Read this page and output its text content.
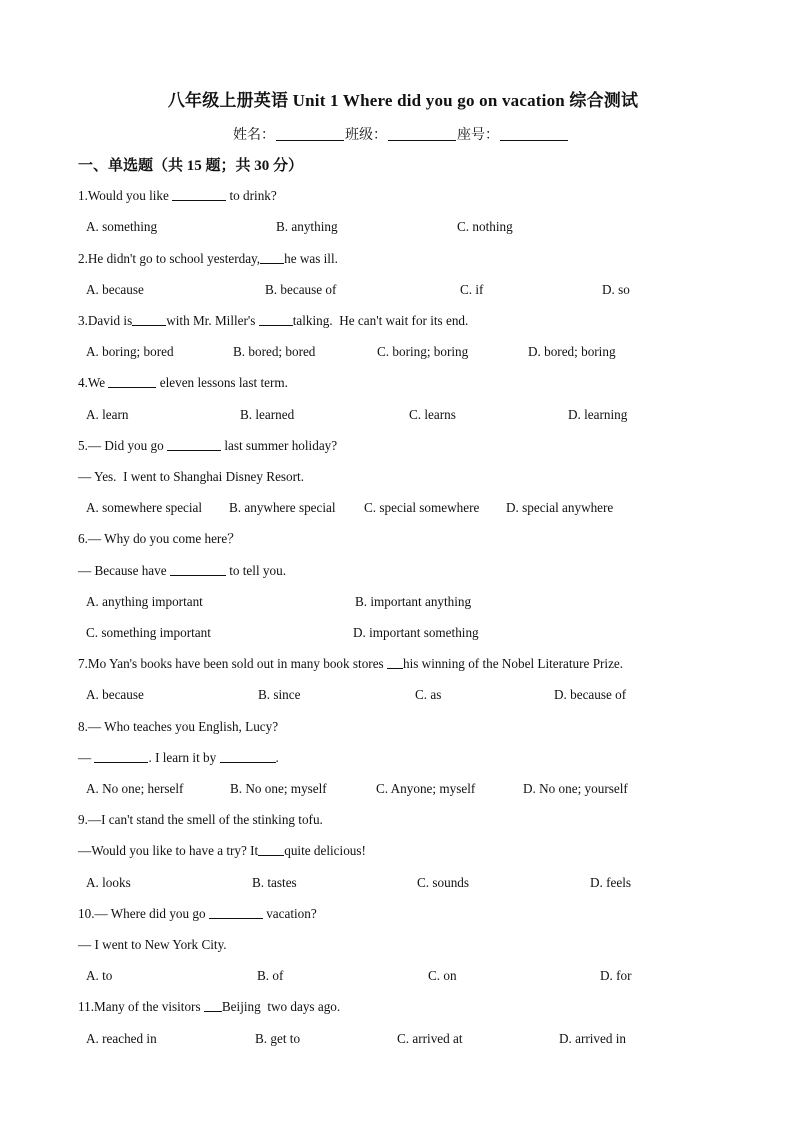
八年级上册英语 Unit 1 Where did you go on vacation 综合测试
姓名：	班级：	座号：
一、单选题（共 15 题；共 30 分）
1.Would you like	to drink?
A. something	B. anything	C. nothing
2.He didn't go to school yesterday, he was ill.
A. because	B. because of	C. if	D. so
3.David is	with Mr. Miller's	talking.  He can't wait for its end.
A. boring; bored	B. bored; bored	C. boring; boring	D. bored; boring
4.We	eleven lessons last term.
A. learn	B. learned	C. learns	D. learning
5.— Did you go	last summer holiday?
— Yes.  I went to Shanghai Disney Resort.
A. somewhere special B. anywhere special C. special somewhere D. special anywhere
6.— Why do you come here？
— Because have	to tell you.
A. anything important	B. important anything
C. something important	D. important something
7.Mo Yan's books have been sold out in many book stores his winning of the Nobel Literature Prize.
A. because	B. since	C. as	D. because of
8.— Who teaches you English, Lucy?
—	. I learn it by	.
A. No one; herself	B. No one; myself	C. Anyone; myself	D. No one; yourself
9.—I can't stand the smell of the stinking tofu.
—Would you like to have a try? It quite delicious!
A. looks	B. tastes	C. sounds	D. feels
10.— Where did you go	vacation?
— I went to New York City.
A. to	B. of	C. on	D. for
11.Many of the visitors Beijing  two days ago.
A. reached in	B. get to	C. arrived at	D. arrived in
